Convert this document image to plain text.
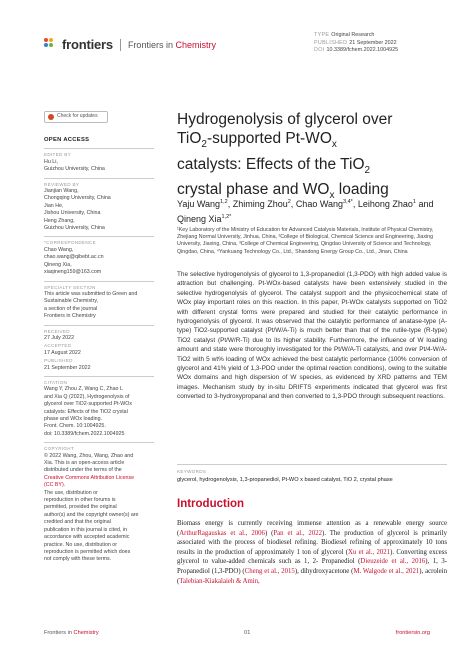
frontiers Frontiers in Chemistry
TYPE Original Research
PUBLISHED 21 September 2022
DOI 10.3389/fchem.2022.1004925
Check for updates
OPEN ACCESS
EDITED BY
Hu Li,
Guizhou University, China
REVIEWED BY
Jianjian Wang,
Chongqing University, China
Jian He,
Jishou University, China
Heng Zhang,
Guizhou University, China
*CORRESPONDENCE
Chao Wang,
chao.wang@qibebt.ac.cn
Qineng Xia,
xiaqineng159@163.com
SPECIALTY SECTION
This article was submitted to Green and
Sustainable Chemistry,
a section of the journal
Frontiers in Chemistry
RECEIVED
27 July 2022
ACCEPTED
17 August 2022
PUBLISHED
21 September 2022
CITATION
Wang Y, Zhou Z, Wang C, Zhao L
and Xia Q (2022), Hydrogenolysis of
glycerol over TiO2-supported Pt-WOx
catalysts: Effects of the TiO2 crystal
phase and WOx loading.
Front. Chem. 10:1004925.
doi: 10.3389/fchem.2022.1004925
COPYRIGHT
© 2022 Wang, Zhou, Wang, Zhao and
Xia. This is an open-access article
distributed under the terms of the
Creative Commons Attribution License
(CC BY).
The use, distribution or
reproduction in other forums is
permitted, provided the original
author(s) and the copyright owner(s) are
credited and that the original
publication in this journal is cited, in
accordance with accepted academic
practice. No use, distribution or
reproduction is permitted which does
not comply with these terms.
Hydrogenolysis of glycerol over
TiO$_2$-supported $Pt-WO_x$
catalysts: Effects of the TiO$_2$
crystal phase and $WO_x$ loading
Yaju Wang$^{1,2}$, Zhiming Zhou$^2$, Chao Wang$^{3,4*}$, Leihong Zhao$^1$ and Qineng Xia$^{1,2*}$
¹Key Laboratory of the Ministry of Education for Advanced Catalysis Materials, Institute of Physical Chemistry, Zhejiang Normal University, Jinhua, China, ²College of Biological, Chemical Science and Engineering, Jiaxing University, Jiaxing, China, ³College of Chemical Engineering, Qingdao University of Science and Technology, Qingdao, China, ⁴Yankuang Technology Co., Ltd., Shandong Energy Group Co., Ltd., Jinan, China
The selective hydrogenolysis of glycerol to 1,3-propanediol (1,3-PDO) with high added value is attraction but challenging. Pt-WOx-based catalysts have been extensively studied in the selective hydrogenolysis of glycerol. The catalyst support and the physicochemical state of WOx play important roles on this reaction. In this paper, Pt-WOx catalysts supported on TiO2 with different crystal forms were prepared and studied for their catalytic performance in hydrogenolysis of glycerol. It was observed that the catalytic performance of anatase-type (A-type) TiO2-supported catalyst (Pt/W/A-Ti) is much better than that of the rutile-type (R-type) TiO2 catalyst (Pt/W/R-Ti) due to its higher stability. Furthermore, the influence of W loading amount and state were thoroughly investigated for the Pt/W/A-Ti catalysts, and over Pt/4-W/A-TiO2 with 5 wt% loading of WOx achieved the best catalytic performance (100% conversion of glycerol and 41% yield of 1,3-PDO under the optimal reaction conditions), owing to the suitable WOx domains and high dispersion of W species, as evidenced by XRD patterns and TEM images. Mechanism study by in-situ DRIFTS experiments indicated that glycerol was first converted to 3-hydroxypropanal and then converted to 1,3-PDO through subsequent reactions.
KEYWORDS
glycerol, hydrogenolysis, 1,3-propanediol, Pt-WO x based catalyst, TiO 2, crystal phase
Introduction

Biomass energy is currently receiving immense attention as a renewable energy source (ArthurRagauskas et al., 2006) (Pan et al., 2022). The production of glycerol is primarily associated with the process of biodiesel refining. Biodiesel refining of approximately 10 tons results in the production of approximately 1 ton of glycerol (Xu et al., 2021). Converting excess glycerol to value-added chemicals such as 1, 2- Propanediol (Dieuzeide et al., 2016), 1, 3- Propanediol (1,3-PDO) (Cheng et al., 2015), dihydroxyacetone (M. Walgode et al., 2021), acrolein (Talebian-Kiakalaieh & Amin,

Frontiers in Chemistry	01	frontiersin.org
